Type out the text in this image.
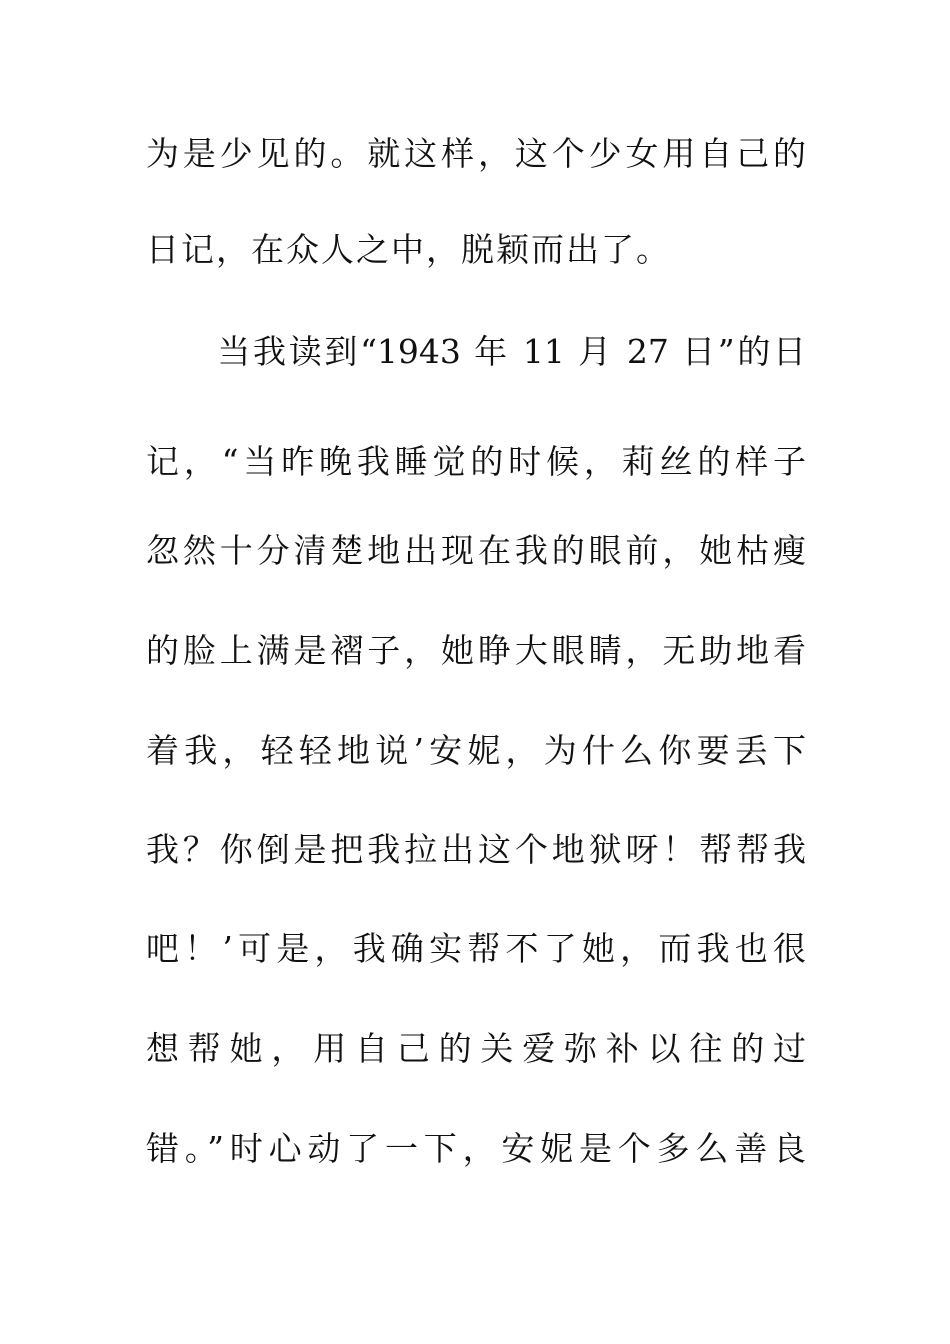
为是少见的。就这样，这个少女用自己的
日记，在众人之中，脱颖而出了。
　　当我读到“1943 年 11 月 27 日”的日
记，“当昨晚我睡觉的时候，莉丝的样子
忽然十分清楚地出现在我的眼前，她枯瘦
的脸上满是褶子，她睁大眼睛，无助地看
着我，轻轻地说’安妮，为什么你要丢下
我？你倒是把我拉出这个地狱呀！帮帮我
吧！’可是，我确实帮不了她，而我也很
想帮她，用自己的关爱弥补以往的过
错。”时心动了一下，安妮是个多么善良
